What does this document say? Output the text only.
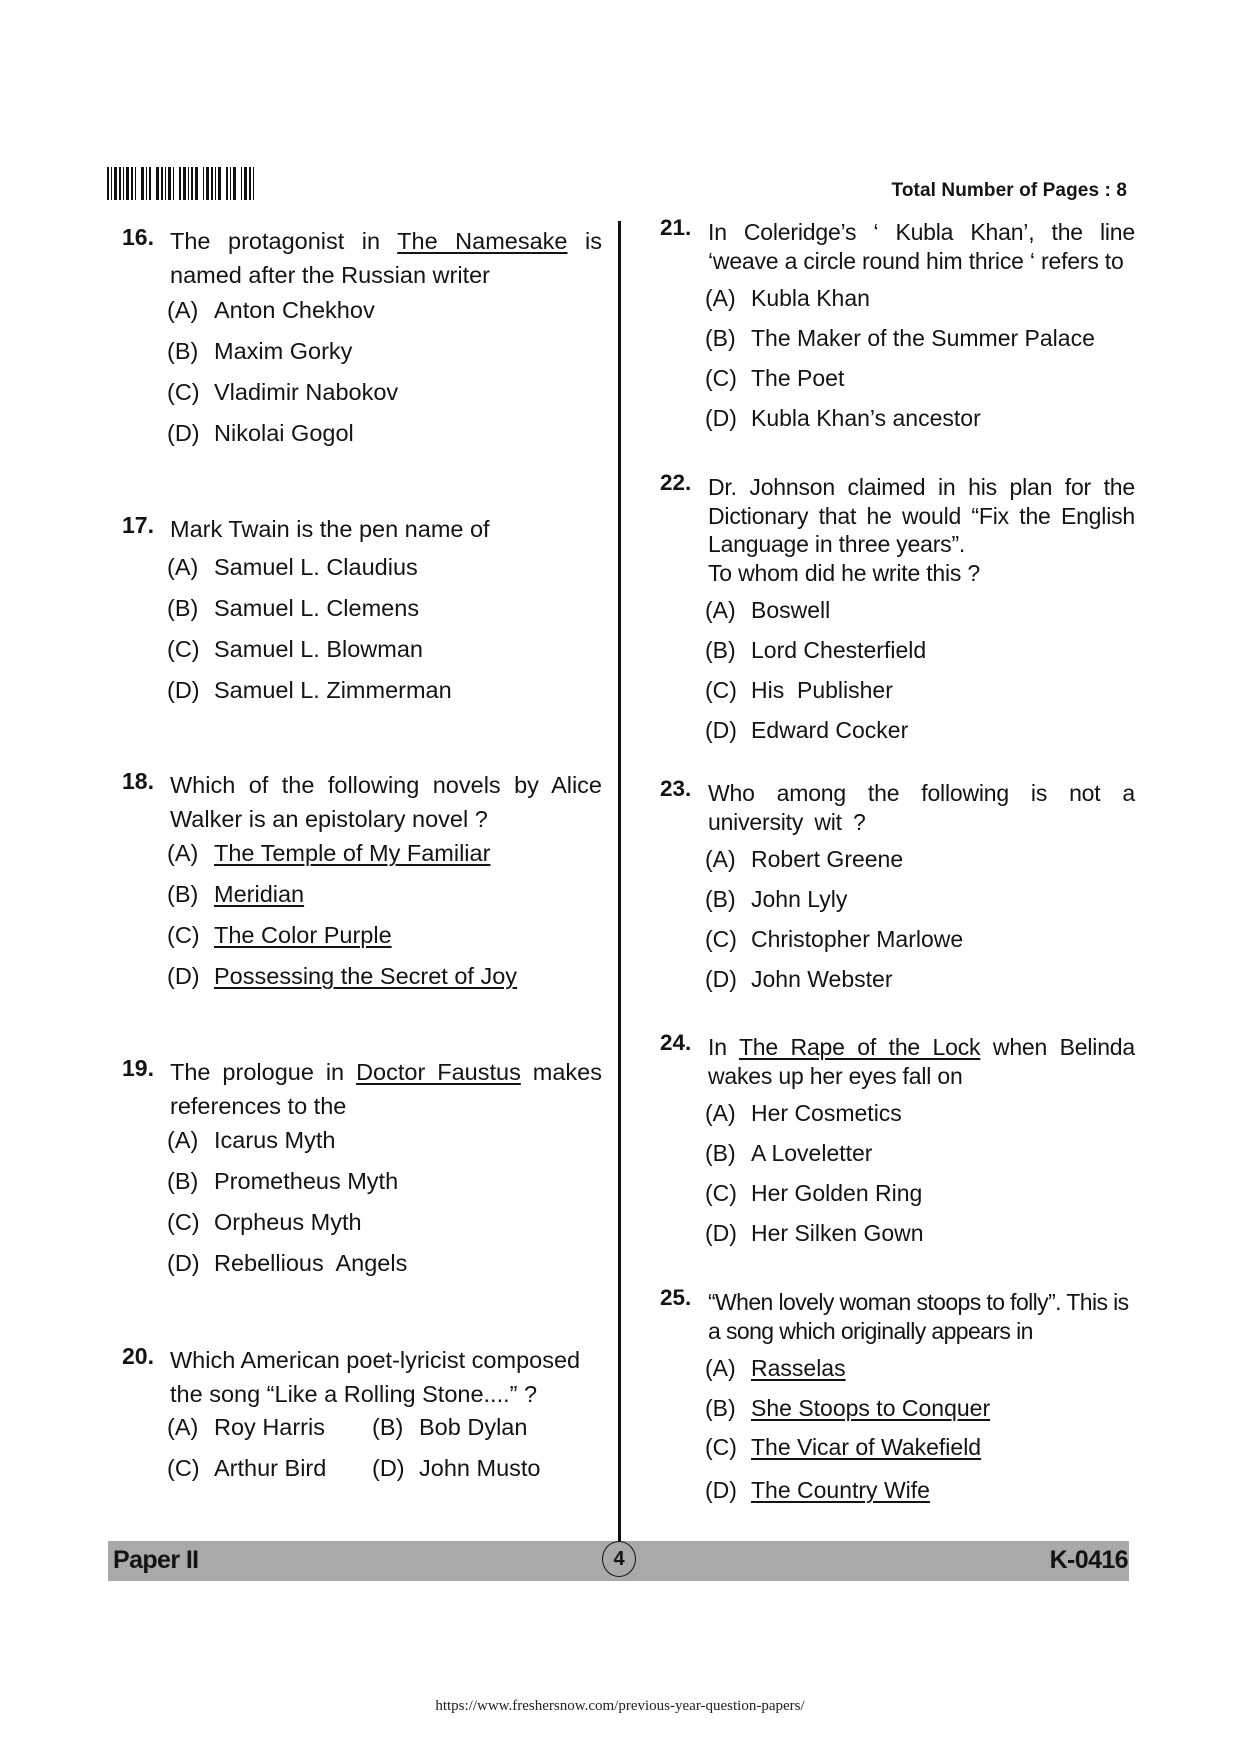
Total Number of Pages : 8
16. The protagonist in The Namesake is named after the Russian writer
(A) Anton Chekhov
(B) Maxim Gorky
(C) Vladimir Nabokov
(D) Nikolai Gogol
17. Mark Twain is the pen name of
(A) Samuel L. Claudius
(B) Samuel L. Clemens
(C) Samuel L. Blowman
(D) Samuel L. Zimmerman
18. Which of the following novels by Alice Walker is an epistolary novel ?
(A) The Temple of My Familiar
(B) Meridian
(C) The Color Purple
(D) Possessing the Secret of Joy
19. The prologue in Doctor Faustus makes references to the
(A) Icarus Myth
(B) Prometheus Myth
(C) Orpheus Myth
(D) Rebellious  Angels
20. Which American poet-lyricist composed the song “Like a Rolling Stone....” ?
(A) Roy Harris (B) Bob Dylan
(C) Arthur Bird (D) John Musto
21. In Coleridge’s ‘ Kubla Khan’, the line ‘weave a circle round him thrice ‘ refers to
(A) Kubla Khan
(B) The Maker of the Summer Palace
(C) The Poet
(D) Kubla Khan’s ancestor
22. Dr. Johnson claimed in his plan for the Dictionary that he would “Fix the English Language in three years”.
To whom did he write this ?
(A) Boswell
(B) Lord Chesterfield
(C) His  Publisher
(D) Edward Cocker
23. Who among the following is not a university wit ?
(A) Robert Greene
(B) John Lyly
(C) Christopher Marlowe
(D) John Webster
24. In The Rape of the Lock when Belinda wakes up her eyes fall on
(A) Her Cosmetics
(B) A Loveletter
(C) Her Golden Ring
(D) Her Silken Gown
25. “When lovely woman stoops to folly”. This is a song which originally appears in
(A) Rasselas
(B) She Stoops to Conquer
(C) The Vicar of Wakefield
(D) The Country Wife
Paper II	4	K-0416
https://www.freshersnow.com/previous-year-question-papers/
